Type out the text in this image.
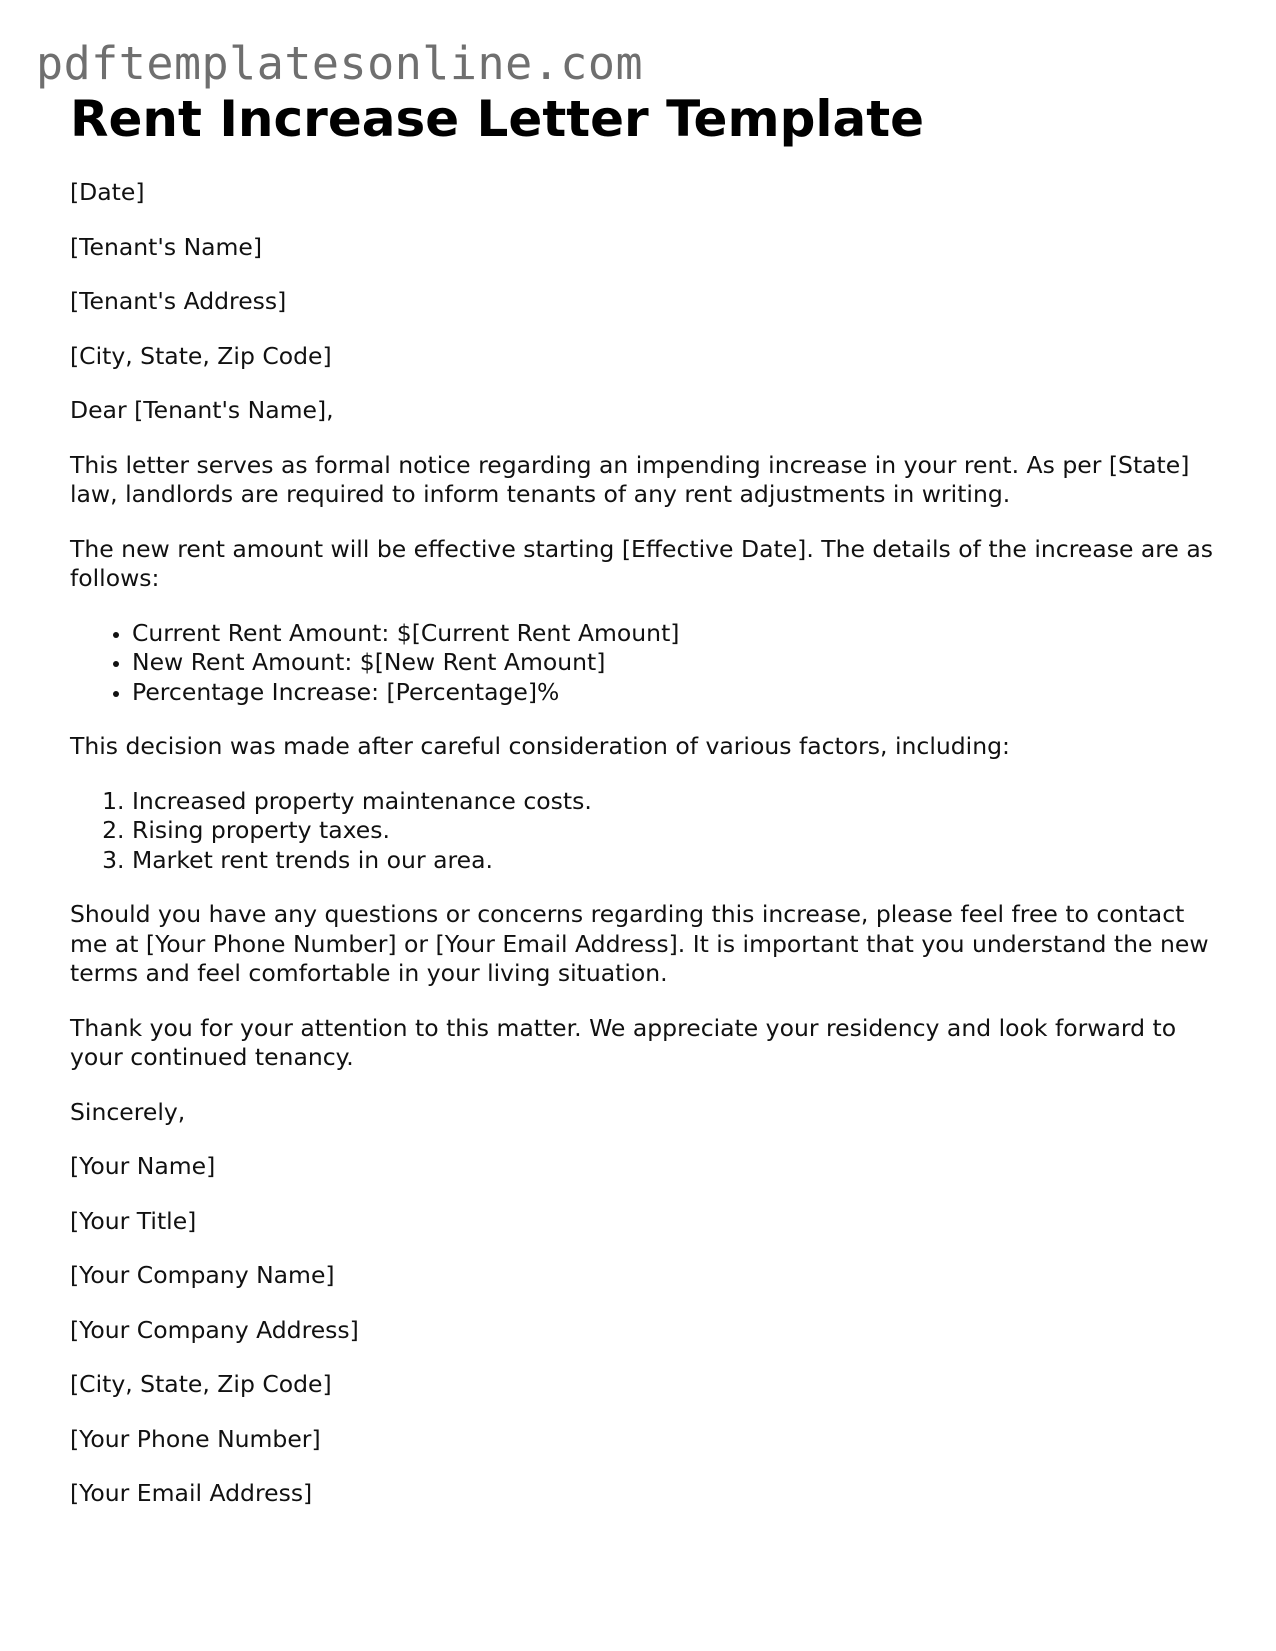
pdftemplatesonline.com
Rent Increase Letter Template

[Date]

[Tenant's Name]

[Tenant's Address]

[City, State, Zip Code]

Dear [Tenant's Name],

This letter serves as formal notice regarding an impending increase in your rent. As per [State] law, landlords are required to inform tenants of any rent adjustments in writing.

The new rent amount will be effective starting [Effective Date]. The details of the increase are as follows:

• Current Rent Amount: $[Current Rent Amount]
• New Rent Amount: $[New Rent Amount]
• Percentage Increase: [Percentage]%

This decision was made after careful consideration of various factors, including:

1. Increased property maintenance costs.
2. Rising property taxes.
3. Market rent trends in our area.

Should you have any questions or concerns regarding this increase, please feel free to contact me at [Your Phone Number] or [Your Email Address]. It is important that you understand the new terms and feel comfortable in your living situation.

Thank you for your attention to this matter. We appreciate your residency and look forward to your continued tenancy.

Sincerely,

[Your Name]

[Your Title]

[Your Company Name]

[Your Company Address]

[City, State, Zip Code]

[Your Phone Number]

[Your Email Address]
